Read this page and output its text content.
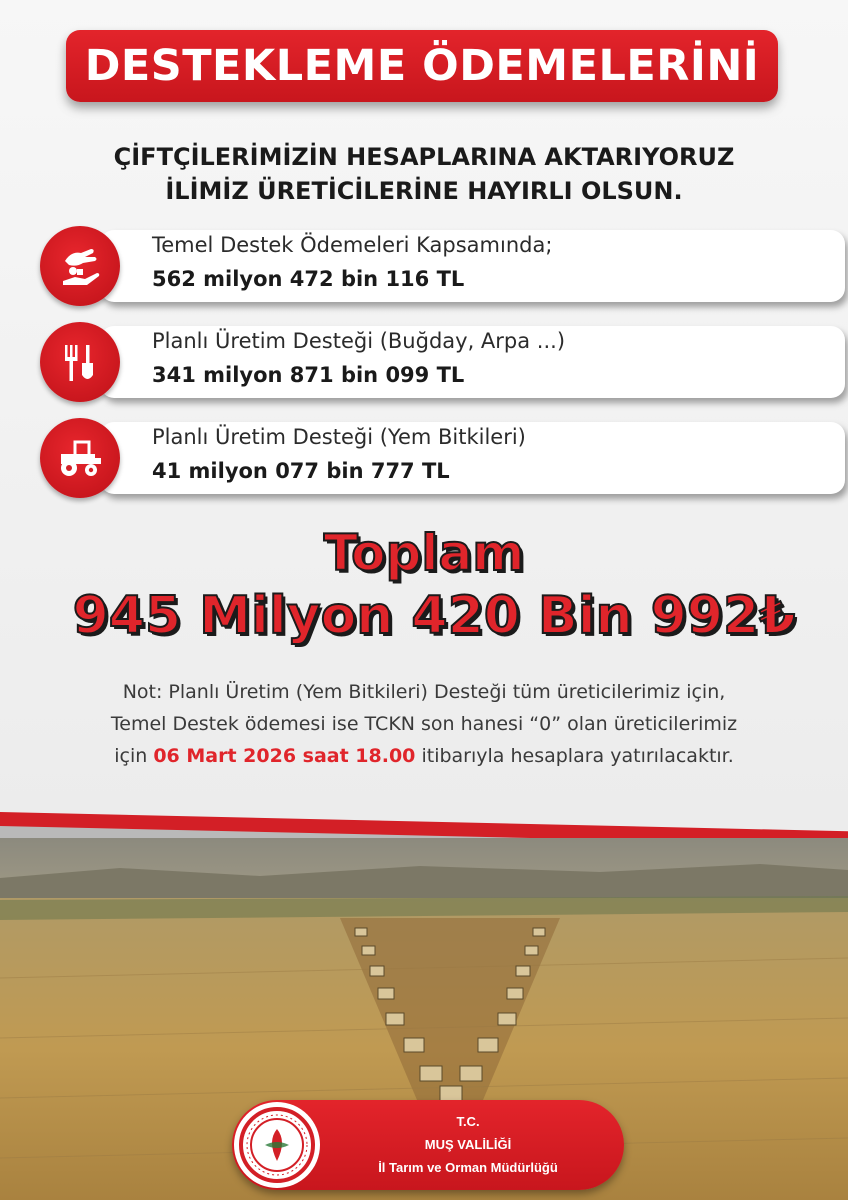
DESTEKLEME ÖDEMELERİNİ
ÇİFTÇİLERİMİZİN HESAPLARINA AKTARIYORUZ
İLİMİZ ÜRETİCİLERİNE HAYIRLI OLSUN.
Temel Destek Ödemeleri Kapsamında;
562 milyon 472 bin 116 TL
Planlı Üretim Desteği (Buğday, Arpa ...)
341 milyon 871 bin 099 TL
Planlı Üretim Desteği (Yem Bitkileri)
41 milyon 077 bin 777 TL
Toplam
945 Milyon 420 Bin 992₺
Not: Planlı Üretim (Yem Bitkileri) Desteği tüm üreticilerimiz için,
Temel Destek ödemesi ise TCKN son hanesi “0” olan üreticilerimiz
için 06 Mart 2026 saat 18.00 itibarıyla hesaplara yatırılacaktır.
T.C.
MUŞ VALİLİĞİ
İl Tarım ve Orman Müdürlüğü
